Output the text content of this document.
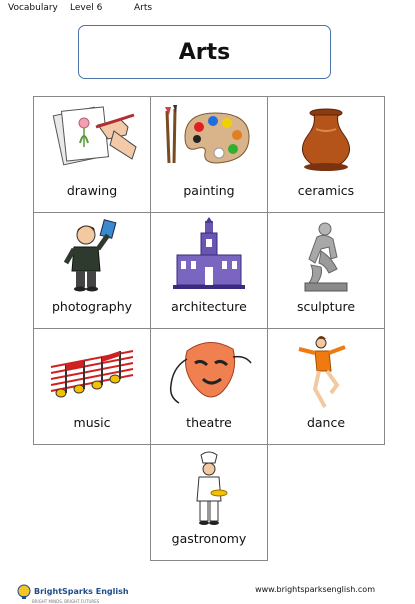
Vocabulary Level 6	Arts
Arts
drawing	painting	ceramics
photography	architecture	sculpture
music	theatre	dance
gastronomy
BrightSparks English
BRIGHT MINDS, BRIGHT FUTURES
www.brightsparksenglish.com
